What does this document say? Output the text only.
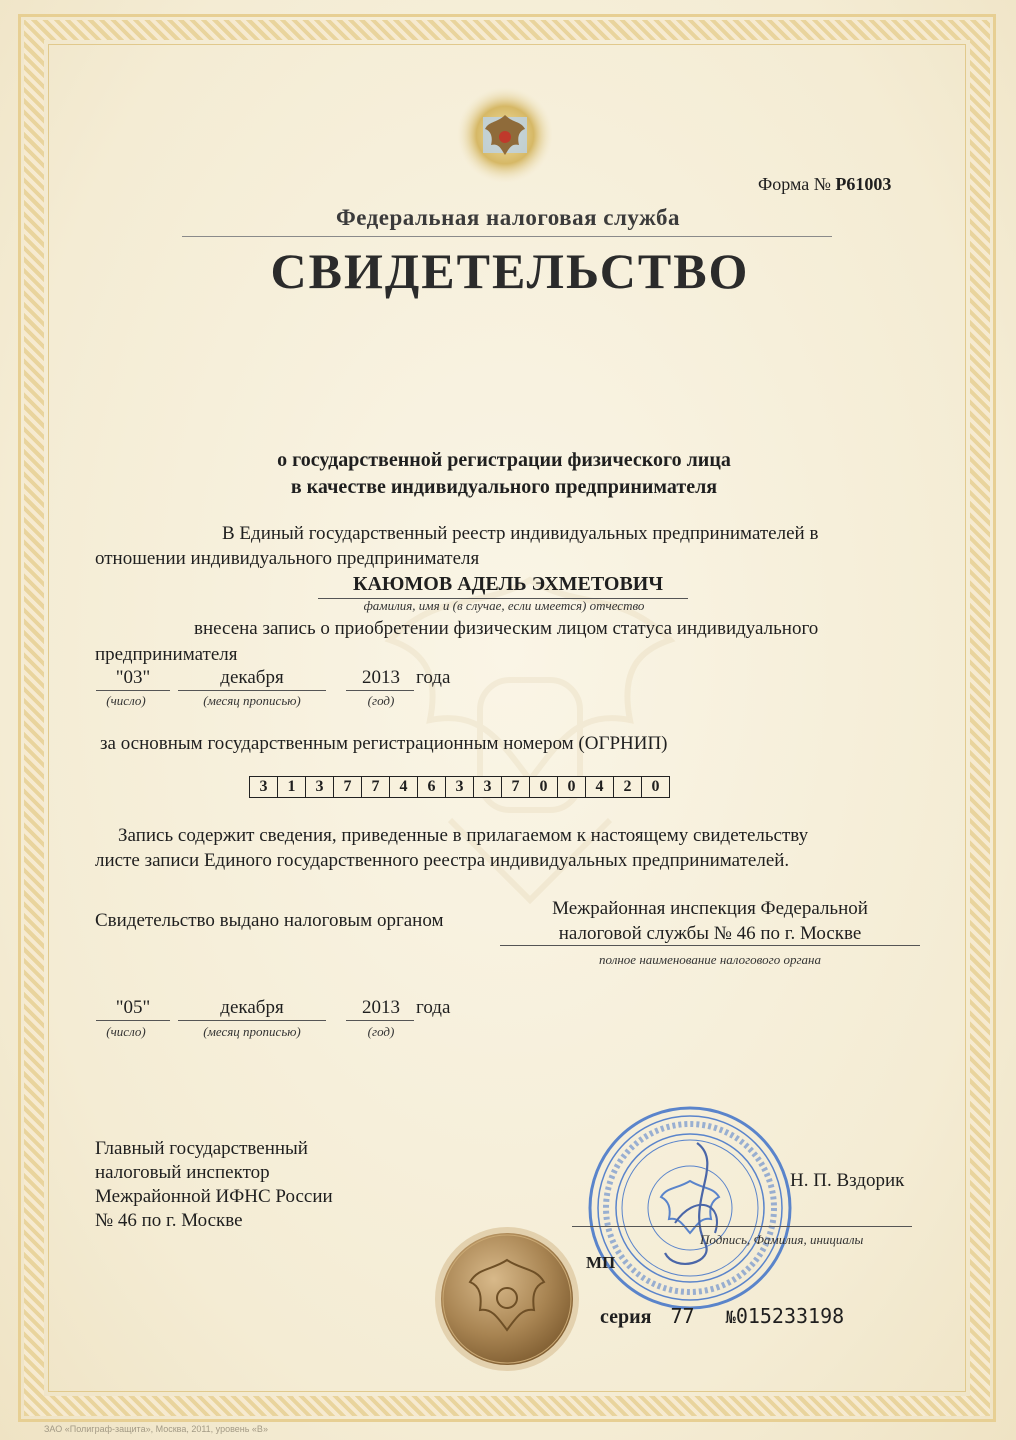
Форма № Р61003
Федеральная налоговая служба
СВИДЕТЕЛЬСТВО
о государственной регистрации физического лица
в качестве индивидуального предпринимателя
В Единый государственный реестр индивидуальных предпринимателей в
отношении индивидуального предпринимателя
КАЮМОВ АДЕЛЬ ЭХМЕТОВИЧ
фамилия, имя и (в случае, если имеется) отчество
внесена запись о приобретении физическим лицом статуса индивидуального
предпринимателя
"03"	декабря	2013 года
(число)	(месяц прописью)	(год)
за основным государственным регистрационным номером (ОГРНИП)
3	1	3	7	7	4	6	3	3	7	0	0	4	2	0
Запись содержит сведения, приведенные в прилагаемом к настоящему свидетельству
листе записи Единого государственного реестра индивидуальных предпринимателей.
Свидетельство выдано налоговым органом
Межрайонная инспекция Федеральной
налоговой службы № 46 по г. Москве
полное наименование налогового органа
"05"	декабря	2013 года
(число)	(месяц прописью)	(год)
Главный государственный
налоговый инспектор
Межрайонной ИФНС России
№ 46 по г. Москве
Н. П. Вздорик
Подпись, Фамилия, инициалы
МП
серия 77 №015233198
ЗАО «Полиграф-защита», Москва, 2011, уровень «В»
